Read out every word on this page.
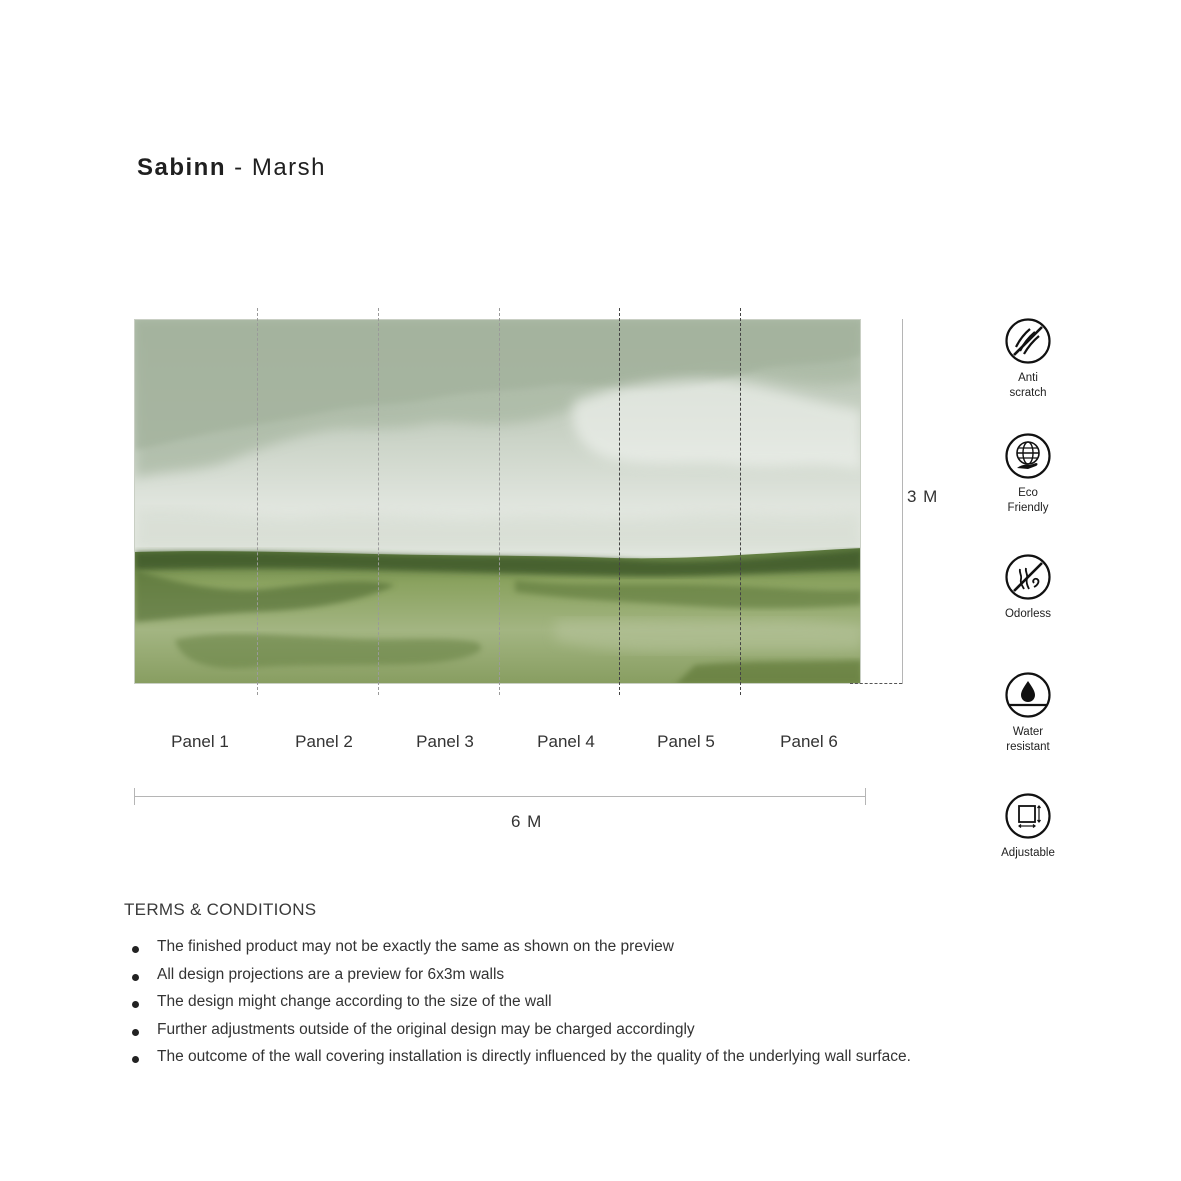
Sabinn - Marsh
3 M
Panel 1	Panel 2	Panel 3	Panel 4	Panel 5	Panel 6
6 M
Anti
scratch
Eco
Friendly
Odorless
Water
resistant
Adjustable
TERMS & CONDITIONS
The finished product may not be exactly the same as shown on the preview
All design projections are a preview for 6x3m walls
The design might change according to the size of the wall
Further adjustments outside of the original design may be charged accordingly
The outcome of the wall covering installation is directly influenced by the quality of the underlying wall surface.
